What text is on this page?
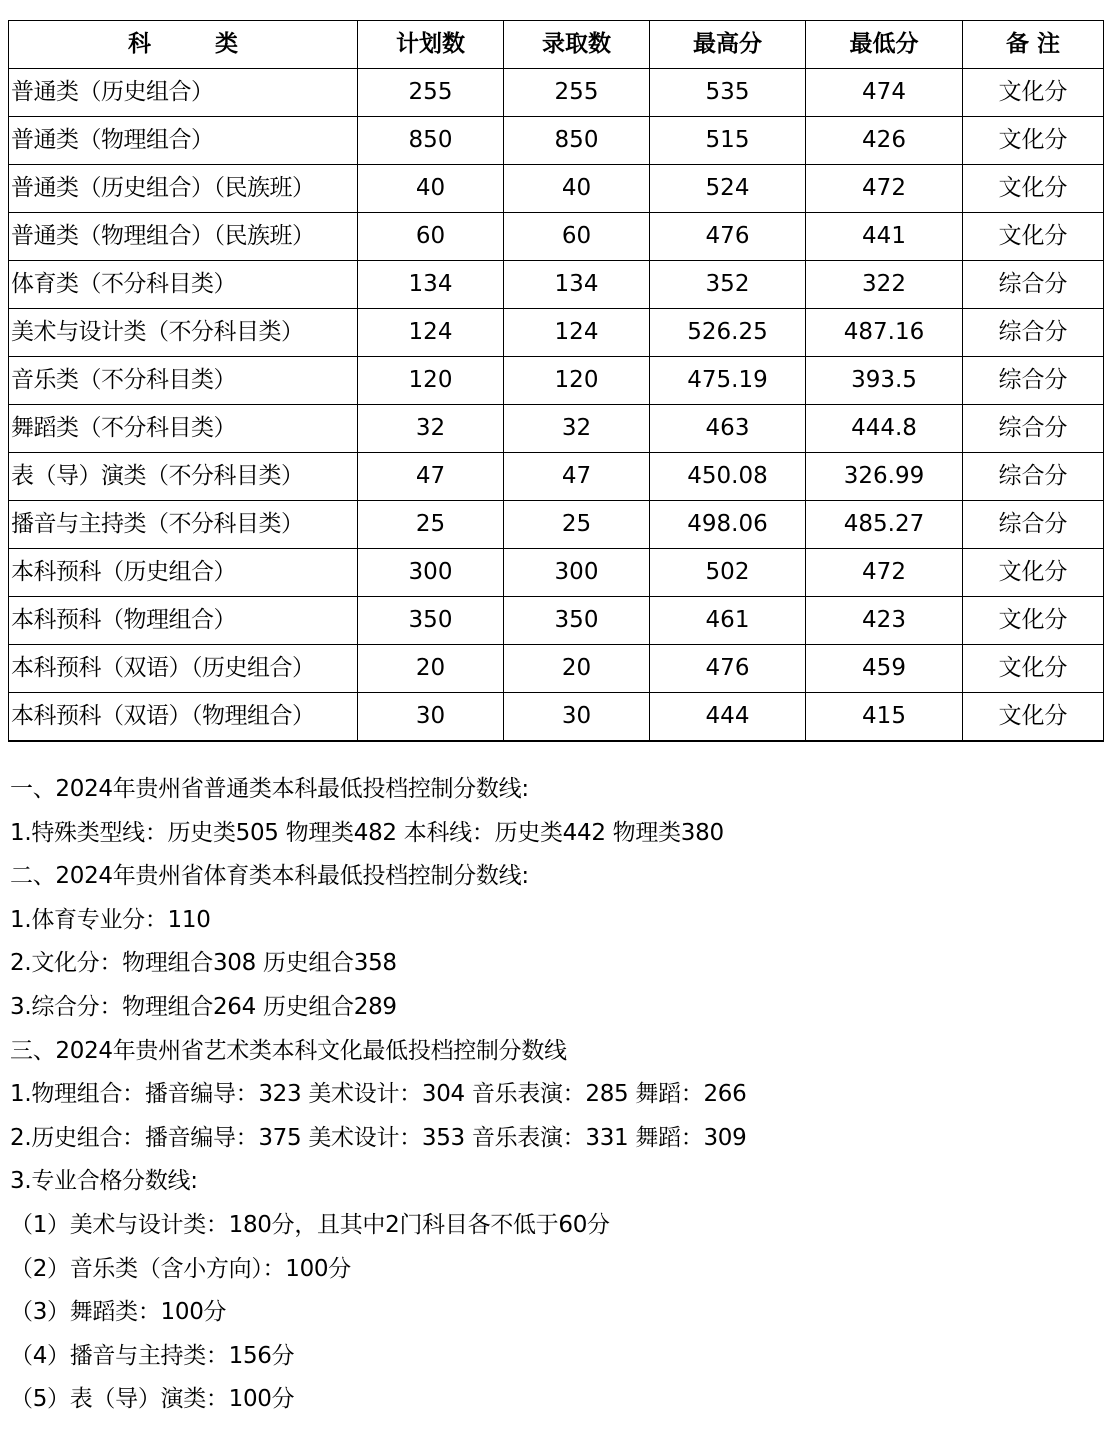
科 类	计划数	录取数	最高分	最低分	备 注
普通类（历史组合）	255	255	535	474	文化分
普通类（物理组合）	850	850	515	426	文化分
普通类（历史组合）（民族班）	40	40	524	472	文化分
普通类（物理组合）（民族班）	60	60	476	441	文化分
体育类（不分科目类）	134	134	352	322	综合分
美术与设计类（不分科目类）	124	124	526.25	487.16	综合分
音乐类（不分科目类）	120	120	475.19	393.5	综合分
舞蹈类（不分科目类）	32	32	463	444.8	综合分
表（导）演类（不分科目类）	47	47	450.08	326.99	综合分
播音与主持类（不分科目类）	25	25	498.06	485.27	综合分
本科预科（历史组合）	300	300	502	472	文化分
本科预科（物理组合）	350	350	461	423	文化分
本科预科（双语）（历史组合）	20	20	476	459	文化分
本科预科（双语）（物理组合）	30	30	444	415	文化分
一、2024年贵州省普通类本科最低投档控制分数线:
1.特殊类型线：历史类505 物理类482 本科线：历史类442 物理类380
二、2024年贵州省体育类本科最低投档控制分数线:
1.体育专业分：110
2.文化分：物理组合308 历史组合358
3.综合分：物理组合264 历史组合289
三、2024年贵州省艺术类本科文化最低投档控制分数线
1.物理组合：播音编导：323 美术设计：304 音乐表演：285 舞蹈：266
2.历史组合：播音编导：375 美术设计：353 音乐表演：331 舞蹈：309
3.专业合格分数线:
（1）美术与设计类：180分，且其中2门科目各不低于60分
（2）音乐类（含小方向）：100分
（3）舞蹈类：100分
（4）播音与主持类：156分
（5）表（导）演类：100分
